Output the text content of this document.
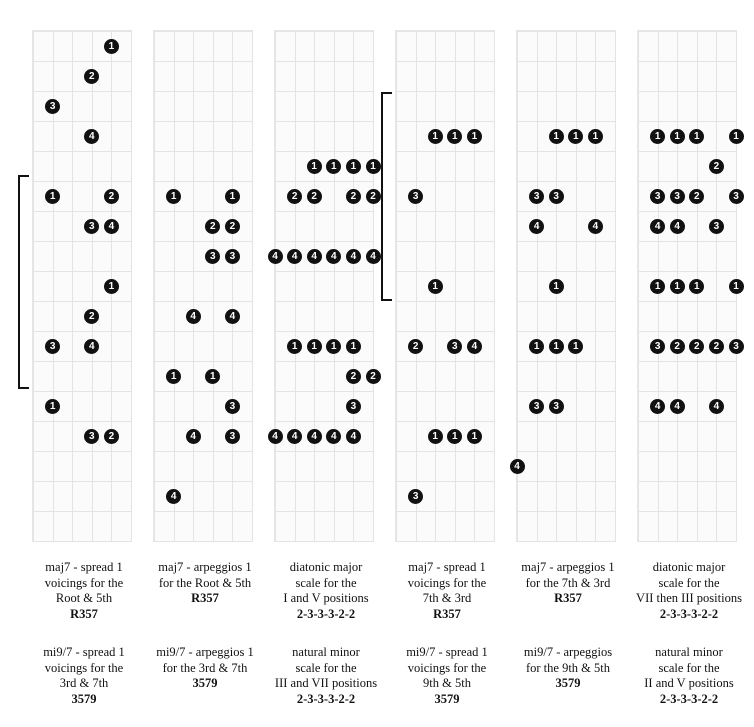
1
2
3
4
1	2
3	4
1
2
3	4
1
3	2
maj7 - spread 1
voicings for the
Root & 5th
R357
mi9/7 - spread 1
voicings for the
3rd & 7th
3579
1	1
2	2
3	3
4	4
1	1
3
4	3
4
maj7 - arpeggios 1
for the Root & 5th
R357
mi9/7 - arpeggios 1
for the 3rd & 7th
3579
1	1	1	1
2	2	2	2
4	4	4	4	4	4
1	1	1	1
2	2
3
4	4	4	4	4
diatonic major
scale for the
I and V positions
2-3-3-3-2-2
natural minor
scale for the
III and VII positions
2-3-3-3-2-2
1	1	1
3
1
2	3	4
1	1	1
3
maj7 - spread 1
voicings for the
7th & 3rd
R357
mi9/7 - spread 1
voicings for the
9th & 5th
3579
1	1	1
3	3
4	4
1
1	1	1
3	3
4
maj7 - arpeggios 1
for the 7th & 3rd
R357
mi9/7 - arpeggios
for the 9th & 5th
3579
1	1	1	1
2
3	3	2	3
4	4	3
1	1	1	1
3	2	2	2	3
4	4	4
diatonic major
scale for the
VII then III positions
2-3-3-3-2-2
natural minor
scale for the
II and V positions
2-3-3-3-2-2
